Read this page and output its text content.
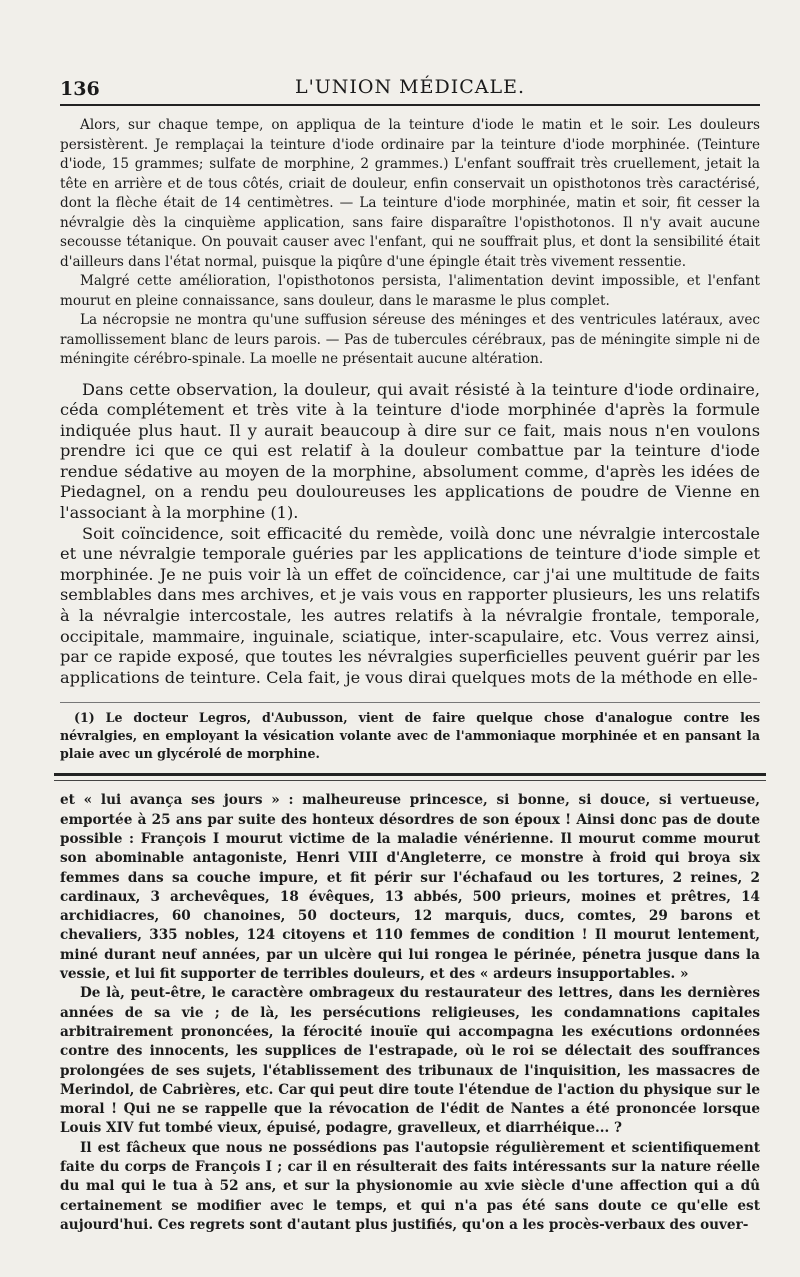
136	L'UNION MÉDICALE.

Alors, sur chaque tempe, on appliqua de la teinture d'iode le matin et le soir. Les douleurs persistèrent. Je remplaçai la teinture d'iode ordinaire par la teinture d'iode morphinée. (Teinture d'iode, 15 grammes; sulfate de morphine, 2 grammes.) L'enfant souffrait très cruellement, jetait la tête en arrière et de tous côtés, criait de douleur, enfin conservait un opisthotonos très caractérisé, dont la flèche était de 14 centimètres. — La teinture d'iode morphinée, matin et soir, fit cesser la névralgie dès la cinquième application, sans faire disparaître l'opisthotonos. Il n'y avait aucune secousse tétanique. On pouvait causer avec l'enfant, qui ne souffrait plus, et dont la sensibilité était d'ailleurs dans l'état normal, puisque la piqûre d'une épingle était très vivement ressentie.

Malgré cette amélioration, l'opisthotonos persista, l'alimentation devint impossible, et l'enfant mourut en pleine connaissance, sans douleur, dans le marasme le plus complet.

La nécropsie ne montra qu'une suffusion séreuse des méninges et des ventricules latéraux, avec ramollissement blanc de leurs parois. — Pas de tubercules cérébraux, pas de méningite simple ni de méningite cérébro-spinale. La moelle ne présentait aucune altération.

Dans cette observation, la douleur, qui avait résisté à la teinture d'iode ordinaire, céda complétement et très vite à la teinture d'iode morphinée d'après la formule indiquée plus haut. Il y aurait beaucoup à dire sur ce fait, mais nous n'en voulons prendre ici que ce qui est relatif à la douleur combattue par la teinture d'iode rendue sédative au moyen de la morphine, absolument comme, d'après les idées de Piedagnel, on a rendu peu douloureuses les applications de poudre de Vienne en l'associant à la morphine (1).

Soit coïncidence, soit efficacité du remède, voilà donc une névralgie intercostale et une névralgie temporale guéries par les applications de teinture d'iode simple et morphinée. Je ne puis voir là un effet de coïncidence, car j'ai une multitude de faits semblables dans mes archives, et je vais vous en rapporter plusieurs, les uns relatifs à la névralgie intercostale, les autres relatifs à la névralgie frontale, temporale, occipitale, mammaire, inguinale, sciatique, inter-scapulaire, etc. Vous verrez ainsi, par ce rapide exposé, que toutes les névralgies superficielles peuvent guérir par les applications de teinture. Cela fait, je vous dirai quelques mots de la méthode en elle-

(1) Le docteur Legros, d'Aubusson, vient de faire quelque chose d'analogue contre les névralgies, en employant la vésication volante avec de l'ammoniaque morphinée et en pansant la plaie avec un glycérolé de morphine.

et « lui avança ses jours » : malheureuse princesce, si bonne, si douce, si vertueuse, emportée à 25 ans par suite des honteux désordres de son époux ! Ainsi donc pas de doute possible : François I mourut victime de la maladie vénérienne. Il mourut comme mourut son abominable antagoniste, Henri VIII d'Angleterre, ce monstre à froid qui broya six femmes dans sa couche impure, et fit périr sur l'échafaud ou les tortures, 2 reines, 2 cardinaux, 3 archevêques, 18 évêques, 13 abbés, 500 prieurs, moines et prêtres, 14 archidiacres, 60 chanoines, 50 docteurs, 12 marquis, ducs, comtes, 29 barons et chevaliers, 335 nobles, 124 citoyens et 110 femmes de condition ! Il mourut lentement, miné durant neuf années, par un ulcère qui lui rongea le périnée, pénetra jusque dans la vessie, et lui fit supporter de terribles douleurs, et des « ardeurs insupportables. »

De là, peut-être, le caractère ombrageux du restaurateur des lettres, dans les dernières années de sa vie ; de là, les persécutions religieuses, les condamnations capitales arbitrairement prononcées, la férocité inouïe qui accompagna les exécutions ordonnées contre des innocents, les supplices de l'estrapade, où le roi se délectait des souffrances prolongées de ses sujets, l'établissement des tribunaux de l'inquisition, les massacres de Merindol, de Cabrières, etc. Car qui peut dire toute l'étendue de l'action du physique sur le moral ! Qui ne se rappelle que la révocation de l'édit de Nantes a été prononcée lorsque Louis XIV fut tombé vieux, épuisé, podagre, gravelleux, et diarrhéique... ?

Il est fâcheux que nous ne possédions pas l'autopsie régulièrement et scientifiquement faite du corps de François I ; car il en résulterait des faits intéressants sur la nature réelle du mal qui le tua à 52 ans, et sur la physionomie au xvie siècle d'une affection qui a dû certainement se modifier avec le temps, et qui n'a pas été sans doute ce qu'elle est aujourd'hui. Ces regrets sont d'autant plus justifiés, qu'on a les procès-verbaux des ouver-
